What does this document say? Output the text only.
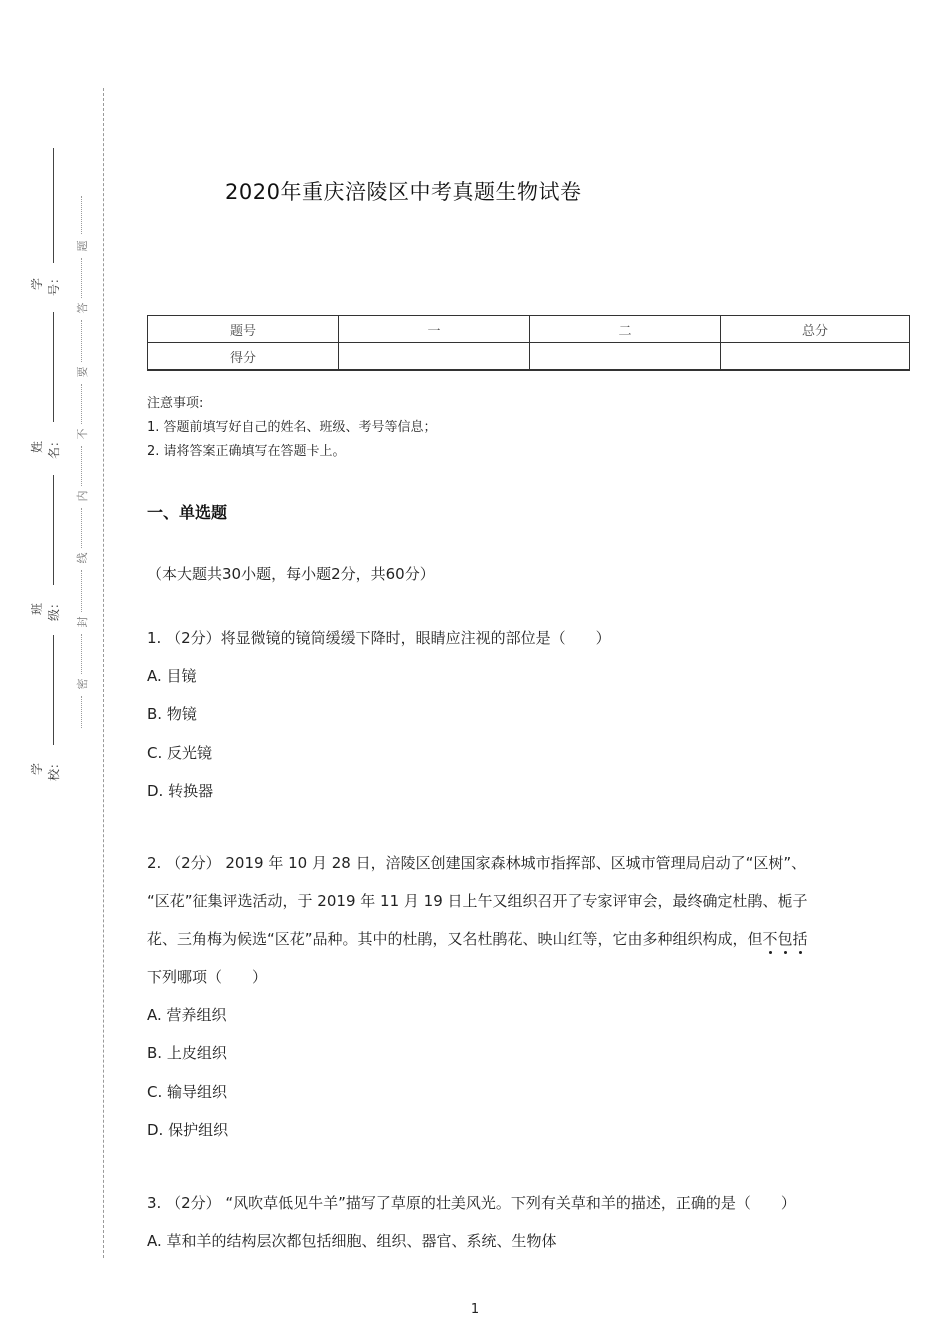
题
答
要
不
内
线
封
密
学号：
姓名：
班级：
学校：
2020年重庆涪陵区中考真题生物试卷
题号	一	二	总分
得分			
注意事项:
1. 答题前填写好自己的姓名、班级、考号等信息；
2. 请将答案正确填写在答题卡上。
一、单选题
（本大题共30小题，每小题2分，共60分）
1. （2分）将显微镜的镜筒缓缓下降时，眼睛应注视的部位是（　　）
A. 目镜
B. 物镜
C. 反光镜
D. 转换器
2. （2分） 2019 年 10 月 28 日，涪陵区创建国家森林城市指挥部、区城市管理局启动了“区树”、
“区花”征集评选活动，于 2019 年 11 月 19 日上午又组织召开了专家评审会，最终确定杜鹃、栀子
花、三角梅为候选“区花”品种。其中的杜鹃，又名杜鹃花、映山红等，它由多种组织构成，但不包括
下列哪项（　　）
A. 营养组织
B. 上皮组织
C. 输导组织
D. 保护组织
3. （2分） “风吹草低见牛羊”描写了草原的壮美风光。下列有关草和羊的描述，正确的是（　　）
A. 草和羊的结构层次都包括细胞、组织、器官、系统、生物体
1
